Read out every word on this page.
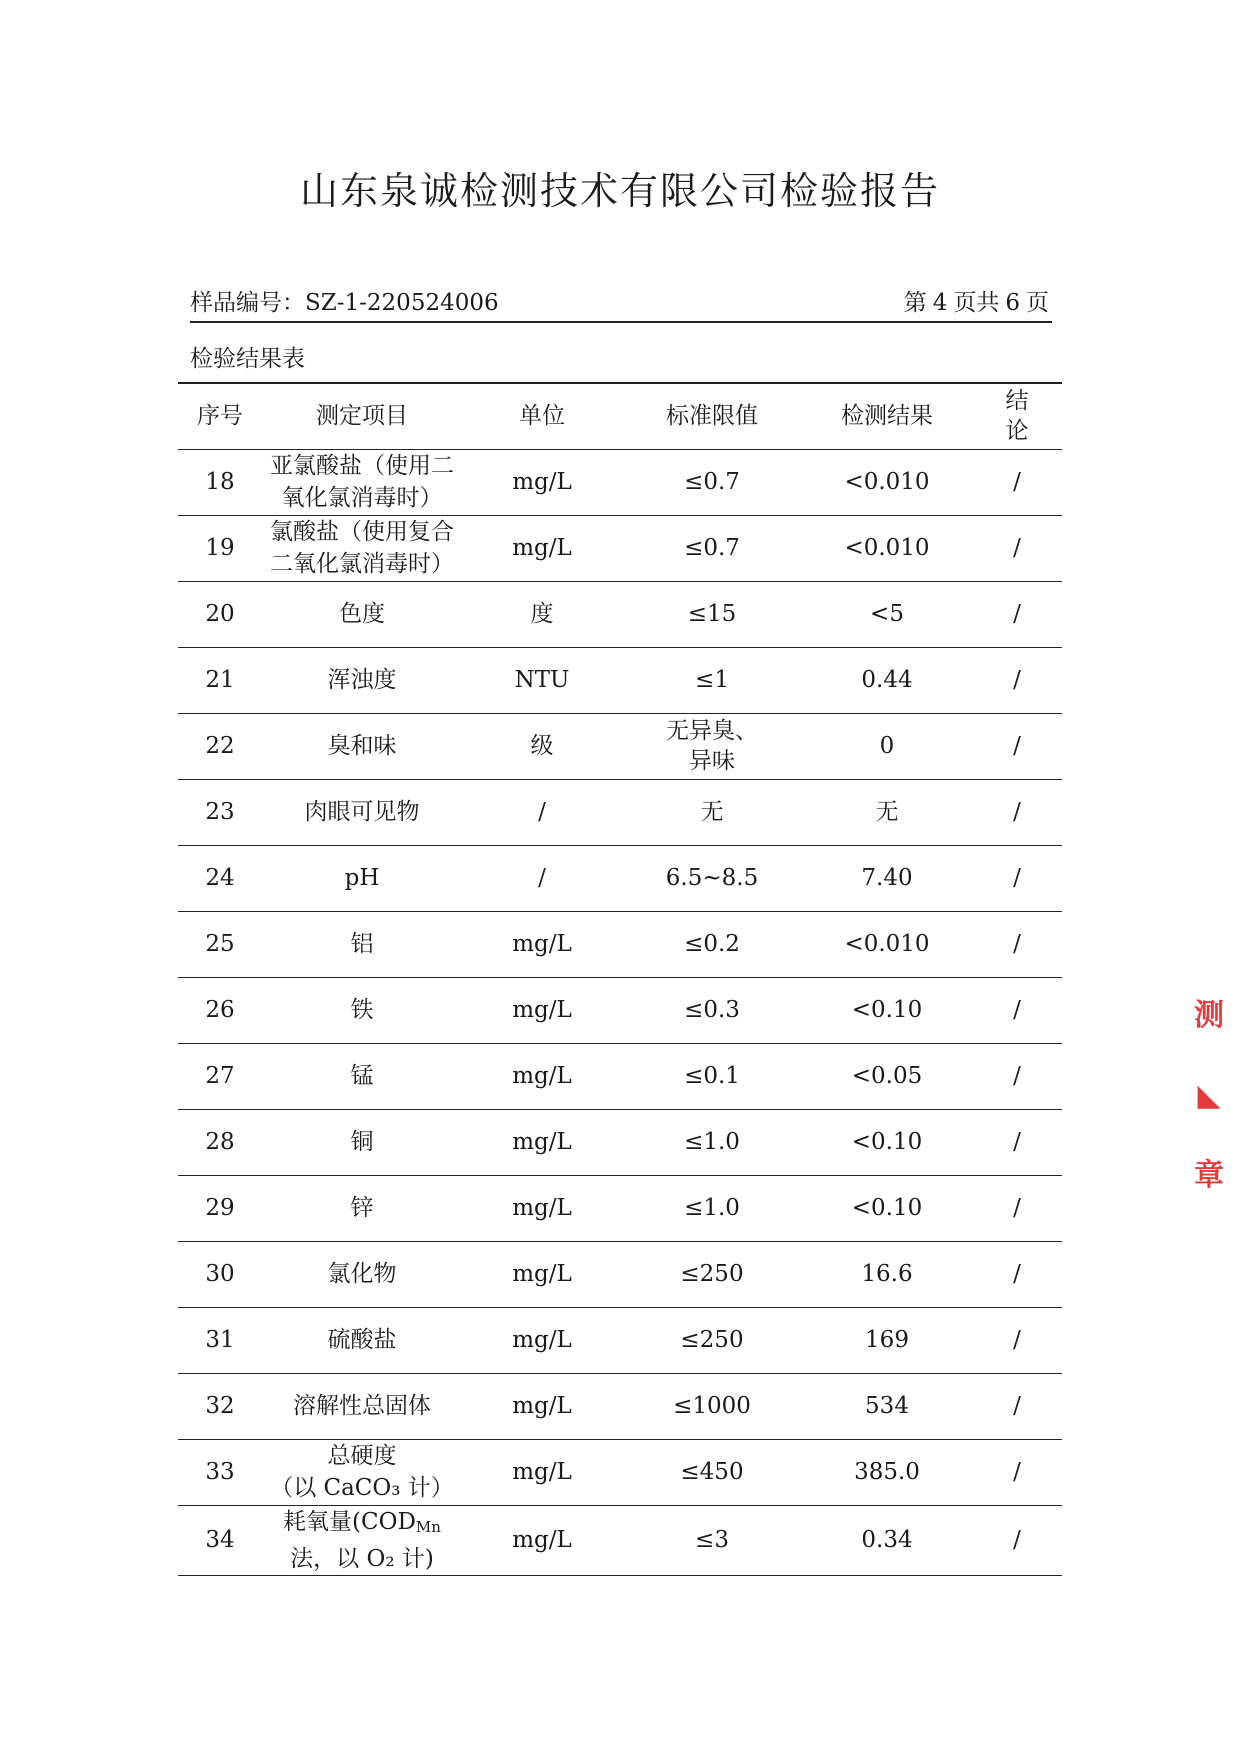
山东泉诚检测技术有限公司检验报告
样品编号：SZ-1-220524006	第 4 页共 6 页
检验结果表
序号	测定项目	单位	标准限值	检测结果	结
论
18	亚氯酸盐（使用二
氧化氯消毒时）	mg/L	≤0.7	<0.010	/
19	氯酸盐（使用复合
二氧化氯消毒时）	mg/L	≤0.7	<0.010	/
20	色度	度	≤15	<5	/
21	浑浊度	NTU	≤1	0.44	/
22	臭和味	级	无异臭、异味	0	/
23	肉眼可见物	/	无	无	/
24	pH	/	6.5~8.5	7.40	/
25	铝	mg/L	≤0.2	<0.010	/
26	铁	mg/L	≤0.3	<0.10	/
27	锰	mg/L	≤0.1	<0.05	/
28	铜	mg/L	≤1.0	<0.10	/
29	锌	mg/L	≤1.0	<0.10	/
30	氯化物	mg/L	≤250	16.6	/
31	硫酸盐	mg/L	≤250	169	/
32	溶解性总固体	mg/L	≤1000	534	/
33	总硬度
（以 CaCO₃ 计）	mg/L	≤450	385.0	/
34	耗氧量($COD_{Mn}$
法，以 O₂ 计)	mg/L	≤3	0.34	/
测
◣
章
